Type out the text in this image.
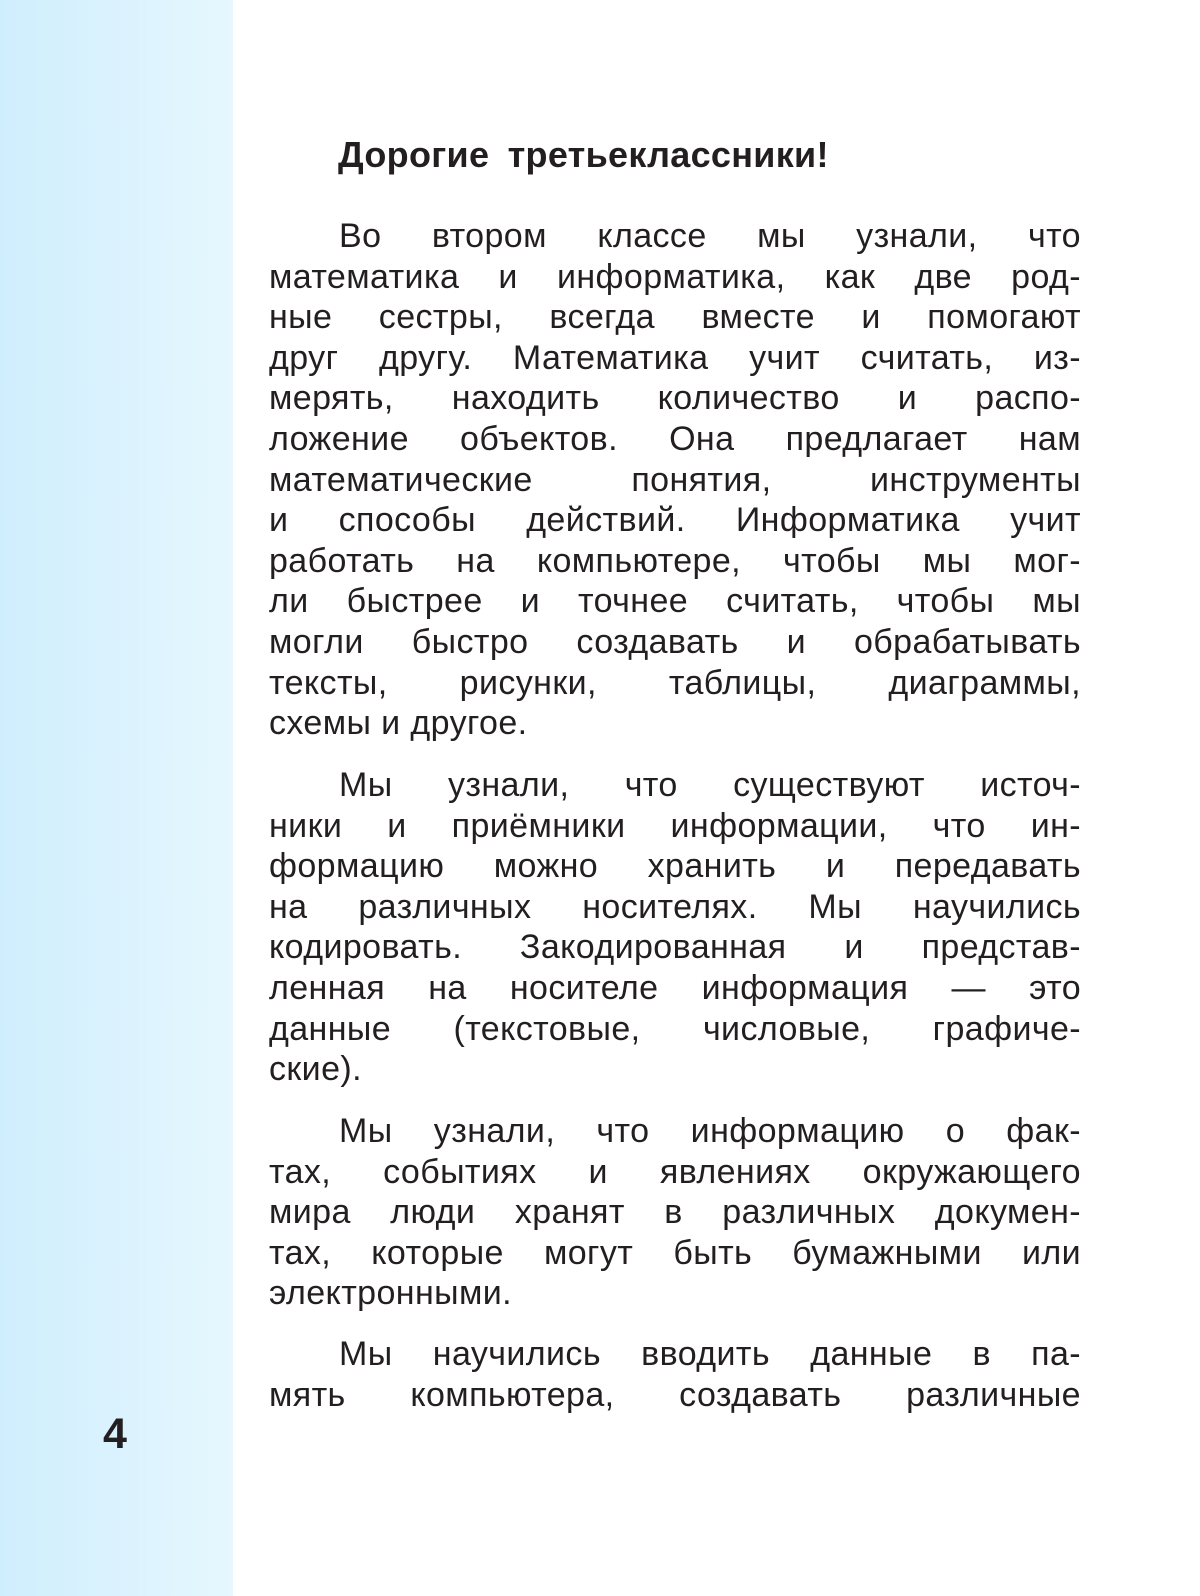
Дорогие третьеклассники!
Во втором классе мы узнали, что
математика и информатика, как две род-
ные сестры, всегда вместе и помогают
друг другу. Математика учит считать, из-
мерять, находить количество и распо-
ложение объектов. Она предлагает нам
математические понятия, инструменты
и способы действий. Информатика учит
работать на компьютере, чтобы мы мог-
ли быстрее и точнее считать, чтобы мы
могли быстро создавать и обрабатывать
тексты, рисунки, таблицы, диаграммы,
схемы и другое.
Мы узнали, что существуют источ-
ники и приёмники информации, что ин-
формацию можно хранить и передавать
на различных носителях. Мы научились
кодировать. Закодированная и представ-
ленная на носителе информация — это
данные (текстовые, числовые, графиче-
ские).
Мы узнали, что информацию о фак-
тах, событиях и явлениях окружающего
мира люди хранят в различных докумен-
тах, которые могут быть бумажными или
электронными.
Мы научились вводить данные в па-
мять компьютера, создавать различные
4
